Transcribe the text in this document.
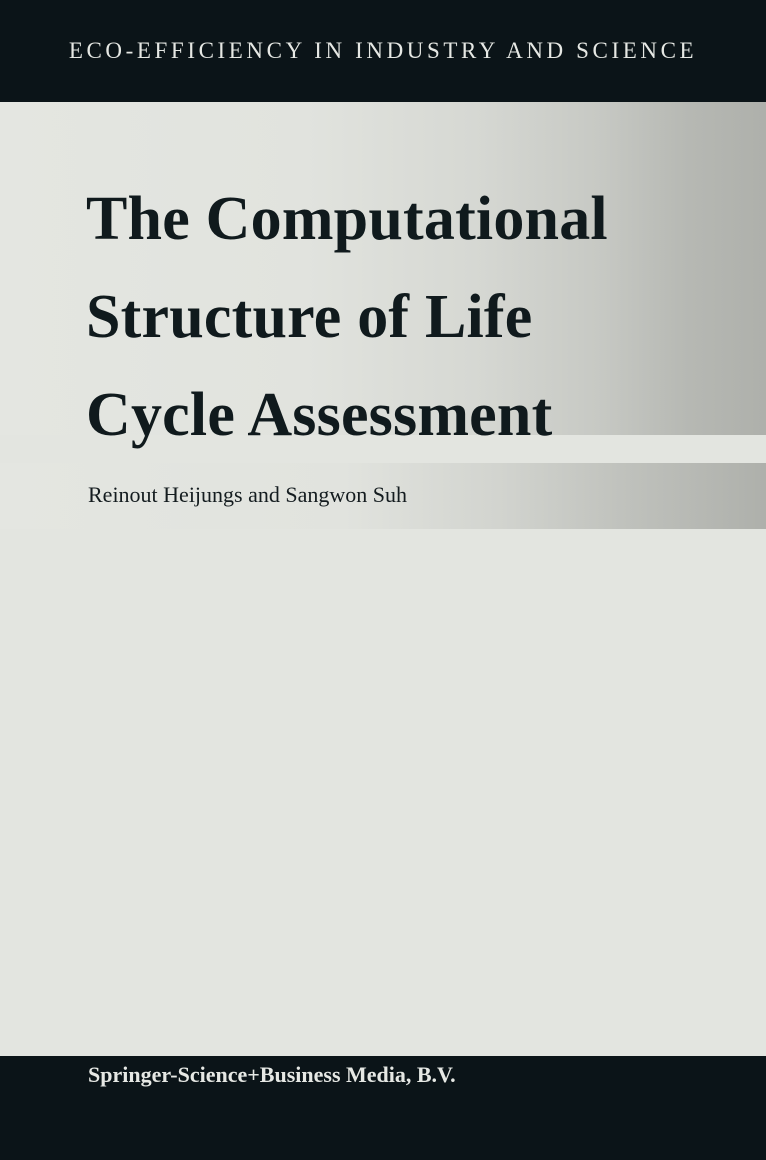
ECO-EFFICIENCY IN INDUSTRY AND SCIENCE
The Computational
Structure of Life
Cycle Assessment
Reinout Heijungs and Sangwon Suh
Springer-Science+Business Media, B.V.
